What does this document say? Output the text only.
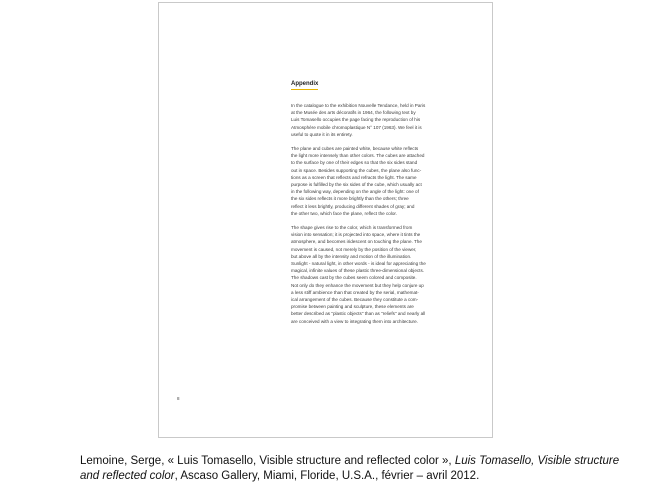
Appendix

In the catalogue to the exhibition Nouvelle Tendance, held in Paris
at the Musée des arts décoratifs in 1964, the following text by
Luis Tomasello occupies the page facing the reproduction of his
Atmosphère mobile chromoplastique N° 107 (1963). We feel it is
useful to quote it in its entirety.

The plane and cubes are painted white, because white reflects
the light more intensely than other colors. The cubes are attached
to the surface by one of their edges so that the six sides stand
out in space. Besides supporting the cubes, the plane also func-
tions as a screen that reflects and refracts the light. The same
purpose is fulfilled by the six sides of the cube, which usually act
in the following way, depending on the angle of the light: one of
the six sides reflects it more brightly than the others; three
reflect it less brightly, producing different shades of gray; and
the other two, which face the plane, reflect the color.

The shape gives rise to the color, which is transformed from
vision into sensation; it is projected into space, where it tints the
atmosphere, and becomes iridescent on touching the plane. The
movement is caused, not merely by the position of the viewer,
but above all by the intensity and motion of the illumination.
Sunlight - natural light, in other words - is ideal for appreciating the
magical, infinite values of these plastic three-dimensional objects.
The shadows cast by the cubes seem colored and composite.
Not only do they enhance the movement but they help conjure up
a less stiff ambience than that created by the serial, mathemat-
ical arrangement of the cubes. Because they constitute a com-
promise between painting and sculpture, these elements are
better described as "plastic objects" than as "reliefs" and nearly all
are conceived with a view to integrating them into architecture.

8
Lemoine, Serge, « Luis Tomasello, Visible structure and reflected color », Luis Tomasello, Visible structure and reflected color, Ascaso Gallery, Miami, Floride, U.S.A., février – avril 2012.
